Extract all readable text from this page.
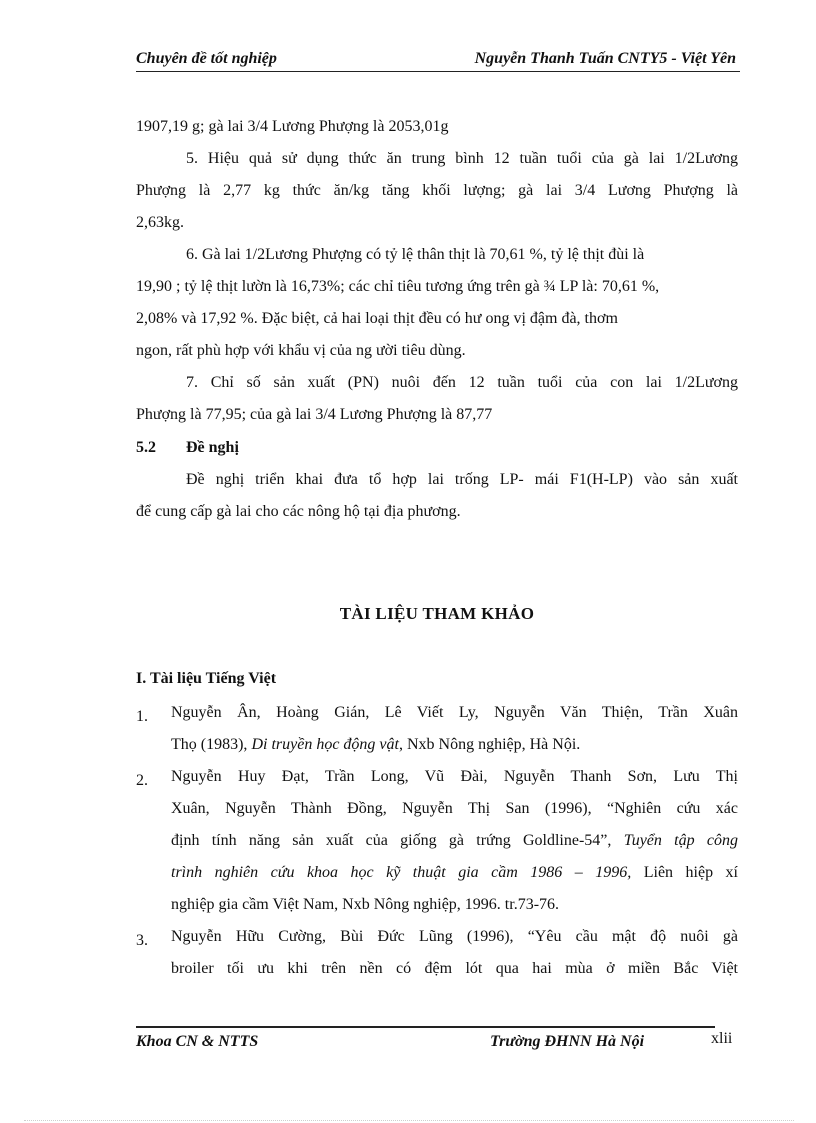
Chuyên đề tốt nghiệp	Nguyễn Thanh Tuấn CNTY5 - Việt Yên
1907,19 g; gà lai 3/4 Lương Phượng là 2053,01g
5. Hiệu quả sử dụng thức ăn trung bình 12 tuần tuổi của gà lai 1/2Lương
Phượng là 2,77 kg thức ăn/kg tăng khối lượng; gà lai 3/4 Lương Phượng là
2,63kg.
6. Gà lai 1/2Lương Phượng có tỷ lệ thân thịt là 70,61 %, tỷ lệ thịt đùi là
19,90 ; tỷ lệ thịt lườn là 16,73%; các chỉ tiêu tương ứng trên gà ¾ LP là: 70,61 %,
2,08% và 17,92 %. Đặc biệt, cả hai loại thịt đều có hư ong vị đậm đà, thơm
ngon, rất phù hợp với khẩu vị của ng ười tiêu dùng.
7. Chỉ số sản xuất (PN) nuôi đến 12 tuần tuổi của con lai 1/2Lương
Phượng là 77,95; của gà lai 3/4 Lương Phượng là 87,77
5.2 Đề nghị
Đề nghị triển khai đưa tổ hợp lai trống LP- mái F1(H-LP) vào sản xuất
để cung cấp gà lai cho các nông hộ tại địa phương.
TÀI LIỆU THAM KHẢO
I. Tài liệu Tiếng Việt
1. Nguyễn Ân, Hoàng Gián, Lê Viết Ly, Nguyễn Văn Thiện, Trần Xuân
Thọ (1983), Di truyền học động vật, Nxb Nông nghiệp, Hà Nội.
2. Nguyễn Huy Đạt, Trần Long, Vũ Đài, Nguyễn Thanh Sơn, Lưu Thị
Xuân, Nguyễn Thành Đồng, Nguyễn Thị San (1996), “Nghiên cứu xác
định tính năng sản xuất của giống gà trứng Goldline-54”, Tuyển tập công
trình nghiên cứu khoa học kỹ thuật gia cầm 1986 – 1996, Liên hiệp xí
nghiệp gia cầm Việt Nam, Nxb Nông nghiệp, 1996. tr.73-76.
3. Nguyễn Hữu Cường, Bùi Đức Lũng (1996), “Yêu cầu mật độ nuôi gà
broiler tối ưu khi trên nền có đệm lót qua hai mùa ở miền Bắc Việt
Khoa CN & NTTS	Trường ĐHNN Hà Nội	xlii
